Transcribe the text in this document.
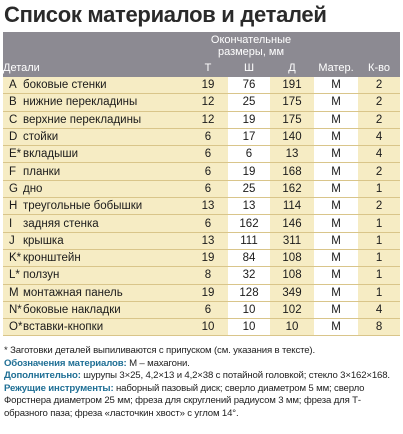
Список материалов и деталей
		Окончательные
размеры, мм				
Детали		Т	Ш	Д	Матер.	К-во
A	боковые стенки	19	76	191	M	2
B	нижние перекладины	12	25	175	M	2
C	верхние перекладины	12	19	175	M	2
D	стойки	6	17	140	M	4
E*	вкладыши	6	6	13	M	4
F	планки	6	19	168	M	2
G	дно	6	25	162	M	1
H	треугольные бобышки	13	13	114	M	2
I	задняя стенка	6	162	146	M	1
J	крышка	13	111	311	M	1
K*	кронштейн	19	84	108	M	1
L*	ползун	8	32	108	M	1
M	монтажная панель	19	128	349	M	1
N*	боковые накладки	6	10	102	M	4
O*	вставки-кнопки	10	10	10	M	8

* Заготовки деталей выпиливаются с припуском (см. указания в тексте).

Обозначения материалов: M – махагони.

Дополнительно: шурупы 3×25, 4,2×13 и 4,2×38 с потайной головкой; стекло 3×162×168.

Режущие инструменты: наборный пазовый диск; сверло диаметром 5 мм; сверло Форстнера диаметром 25 мм; фреза для скруглений радиусом 3 мм; фреза для Т-образного паза; фреза «ласточкин хвост» с углом 14°.
